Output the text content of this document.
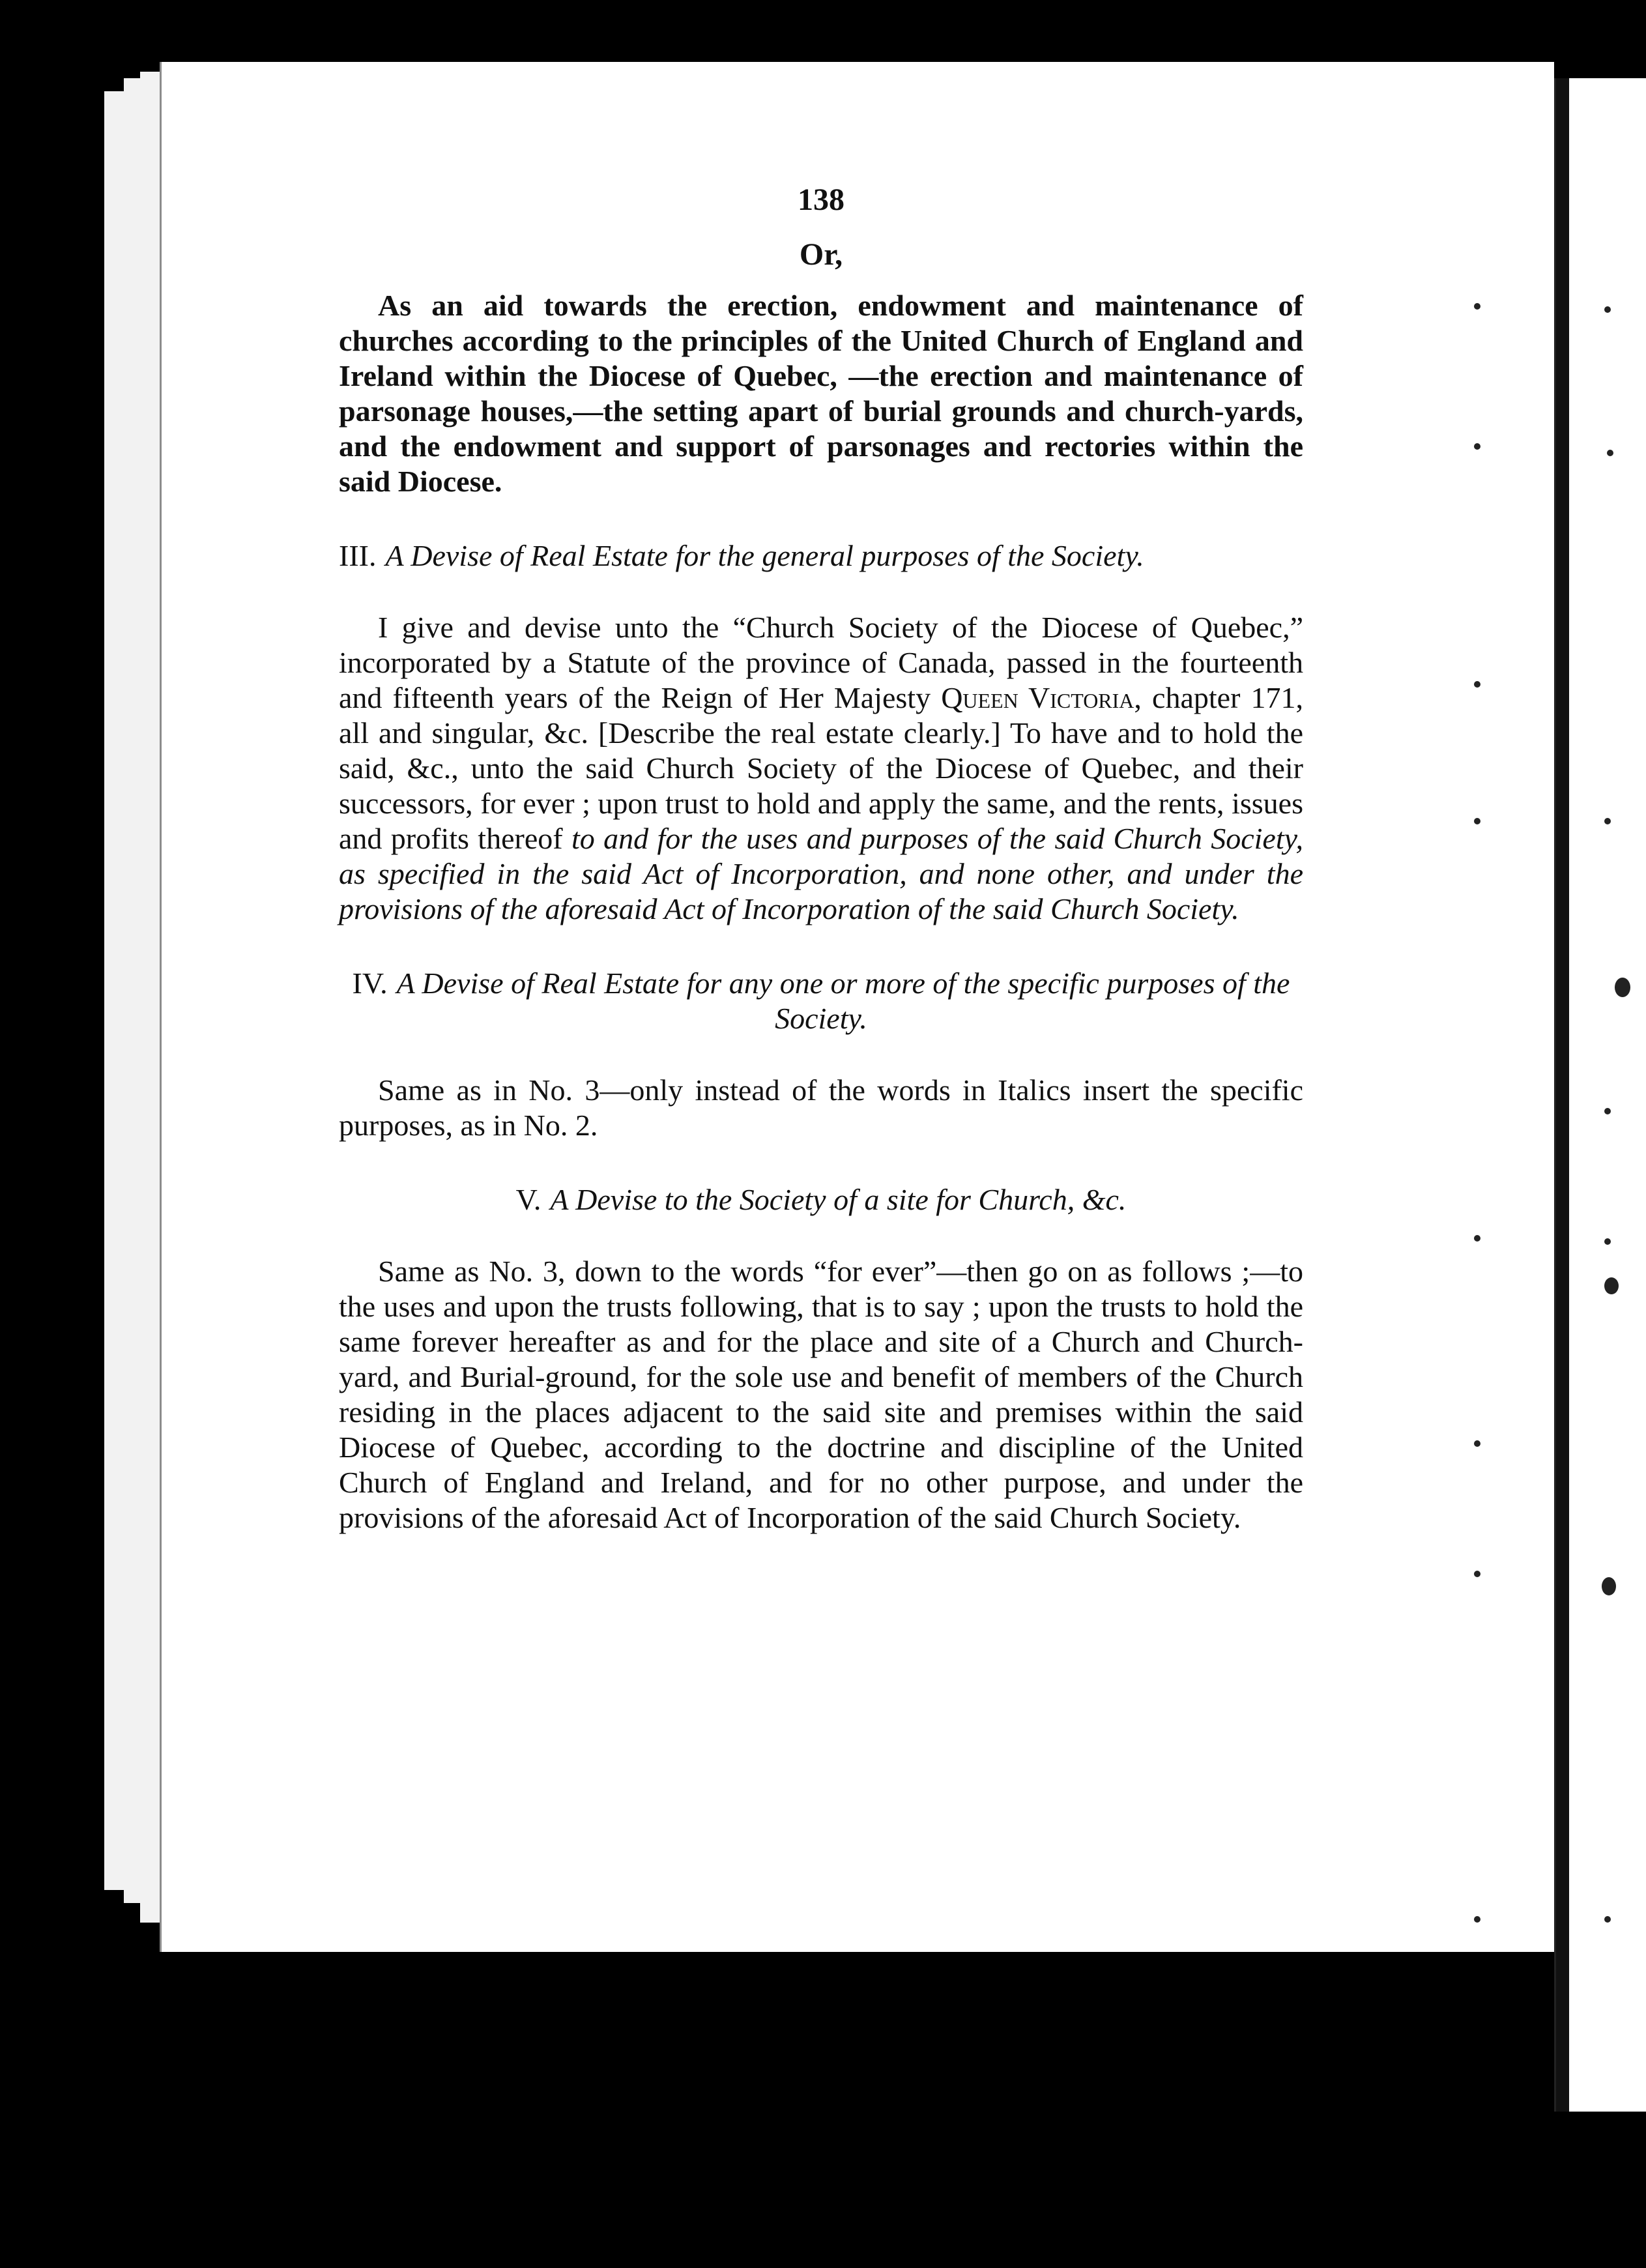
138
Or,

As an aid towards the erection, endowment and maintenance of churches according to the principles of the United Church of England and Ireland within the Diocese of Quebec, —the erection and maintenance of parsonage houses,—the setting apart of burial grounds and church-yards, and the endowment and support of parsonages and rectories within the said Diocese.

III. A Devise of Real Estate for the general purposes of the Society.

I give and devise unto the “Church Society of the Diocese of Quebec,” incorporated by a Statute of the province of Canada, passed in the fourteenth and fifteenth years of the Reign of Her Majesty Queen Victoria, chapter 171, all and singular, &c. [Describe the real estate clearly.] To have and to hold the said, &c., unto the said Church Society of the Diocese of Quebec, and their successors, for ever ; upon trust to hold and apply the same, and the rents, issues and profits thereof to and for the uses and purposes of the said Church Society, as specified in the said Act of Incorporation, and none other, and under the provisions of the aforesaid Act of Incorporation of the said Church Society.

IV. A Devise of Real Estate for any one or more of the specific purposes of the Society.

Same as in No. 3—only instead of the words in Italics insert the specific purposes, as in No. 2.

V. A Devise to the Society of a site for Church, &c.

Same as No. 3, down to the words “for ever”—then go on as follows ;—to the uses and upon the trusts following, that is to say ; upon the trusts to hold the same forever hereafter as and for the place and site of a Church and Church-yard, and Burial-ground, for the sole use and benefit of members of the Church residing in the places adjacent to the said site and premises within the said Diocese of Quebec, according to the doctrine and discipline of the United Church of England and Ireland, and for no other purpose, and under the provisions of the aforesaid Act of Incorporation of the said Church Society.
